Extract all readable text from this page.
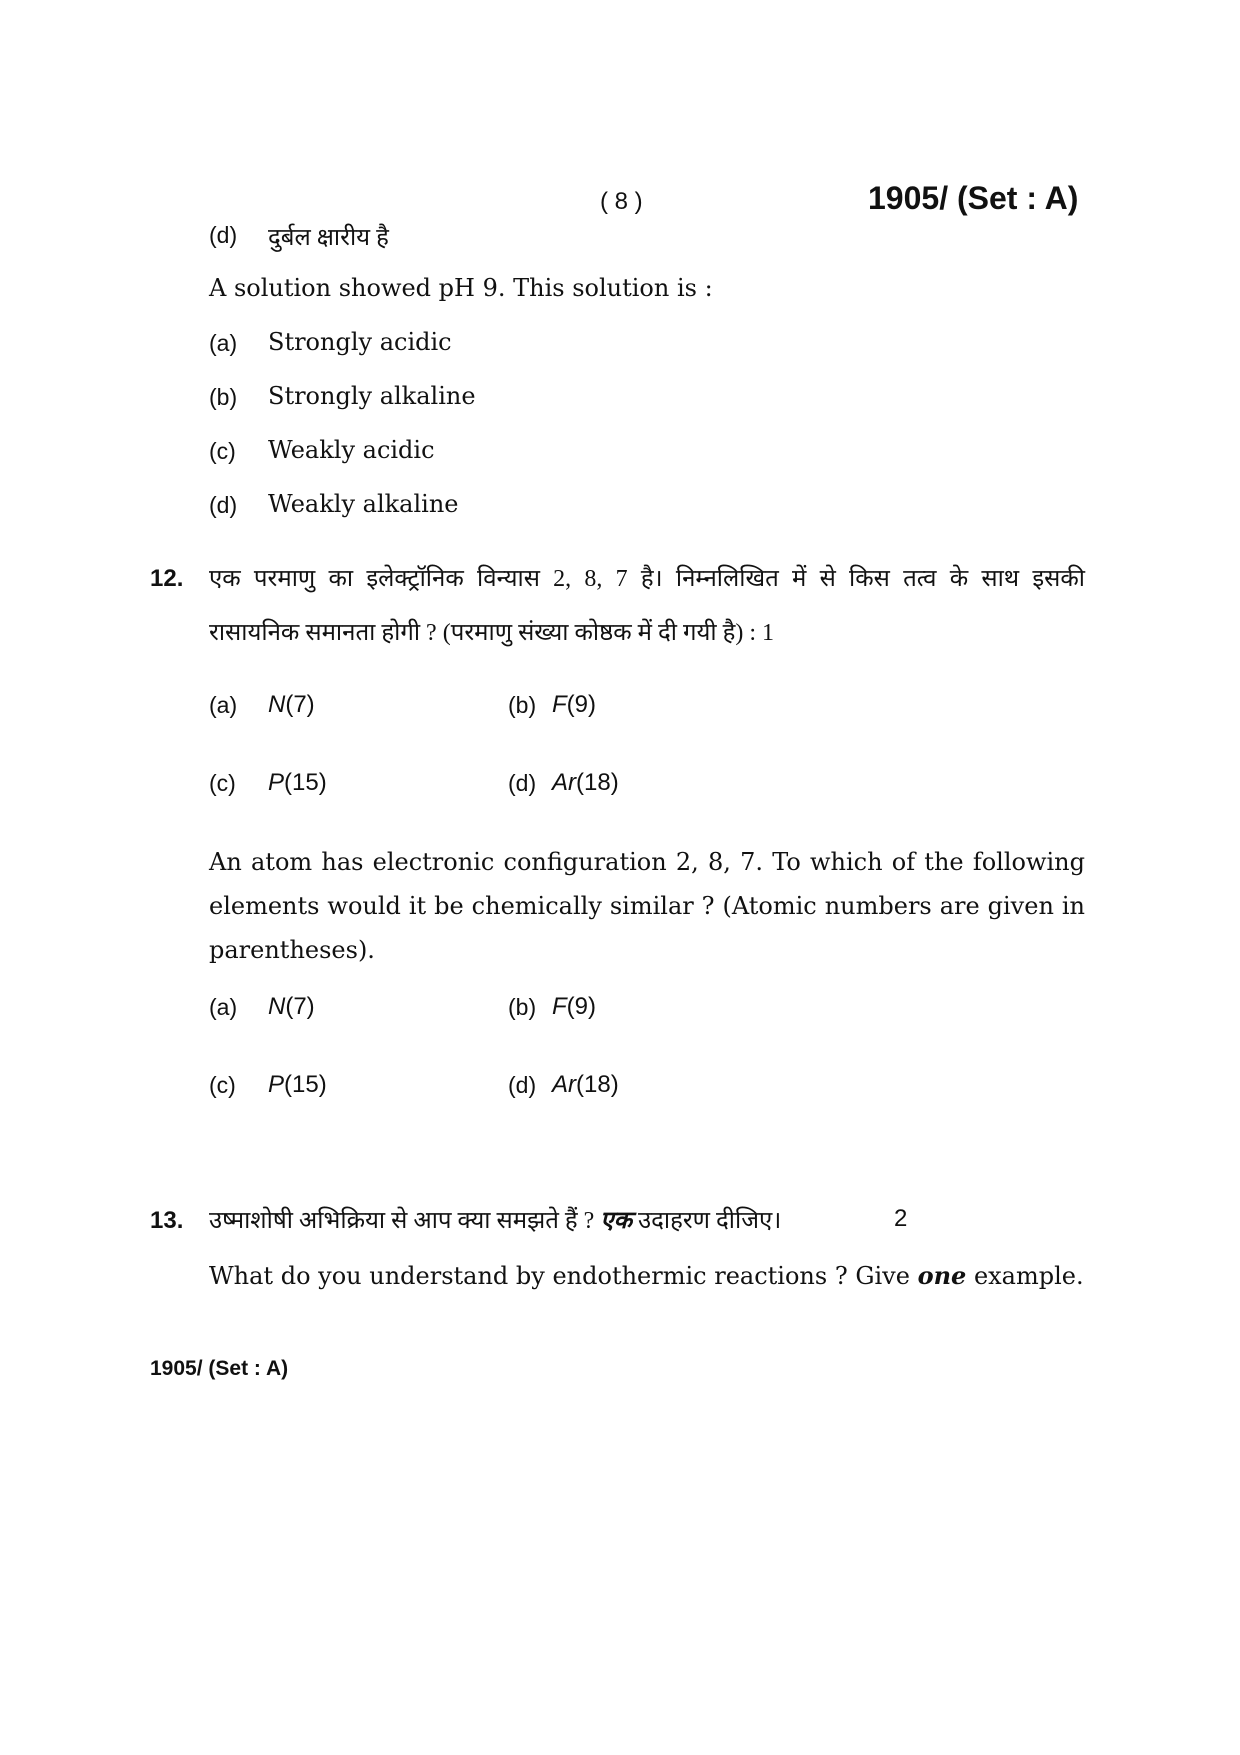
( 8 )	1905/ (Set : A)
(d) दुर्बल क्षारीय है
A solution showed pH 9. This solution is :
(a) Strongly acidic
(b) Strongly alkaline
(c) Weakly acidic
(d) Weakly alkaline
12. एक परमाणु का इलेक्ट्रॉनिक विन्यास 2, 8, 7 है। निम्नलिखित में से किस तत्व के साथ इसकी
रासायनिक समानता होगी ? (परमाणु संख्या कोष्ठक में दी गयी है) : 1
(a) N(7)	(b) F(9)
(c) P(15)	(d) Ar(18)
An atom has electronic configuration 2, 8, 7. To which of the following
elements would it be chemically similar ? (Atomic numbers are given in
parentheses).
(a) N(7)	(b) F(9)
(c) P(15)	(d) Ar(18)
13. उष्माशोषी अभिक्रिया से आप क्या समझते हैं ? एक उदाहरण दीजिए।	2
What do you understand by endothermic reactions ? Give one example.
1905/ (Set : A)
